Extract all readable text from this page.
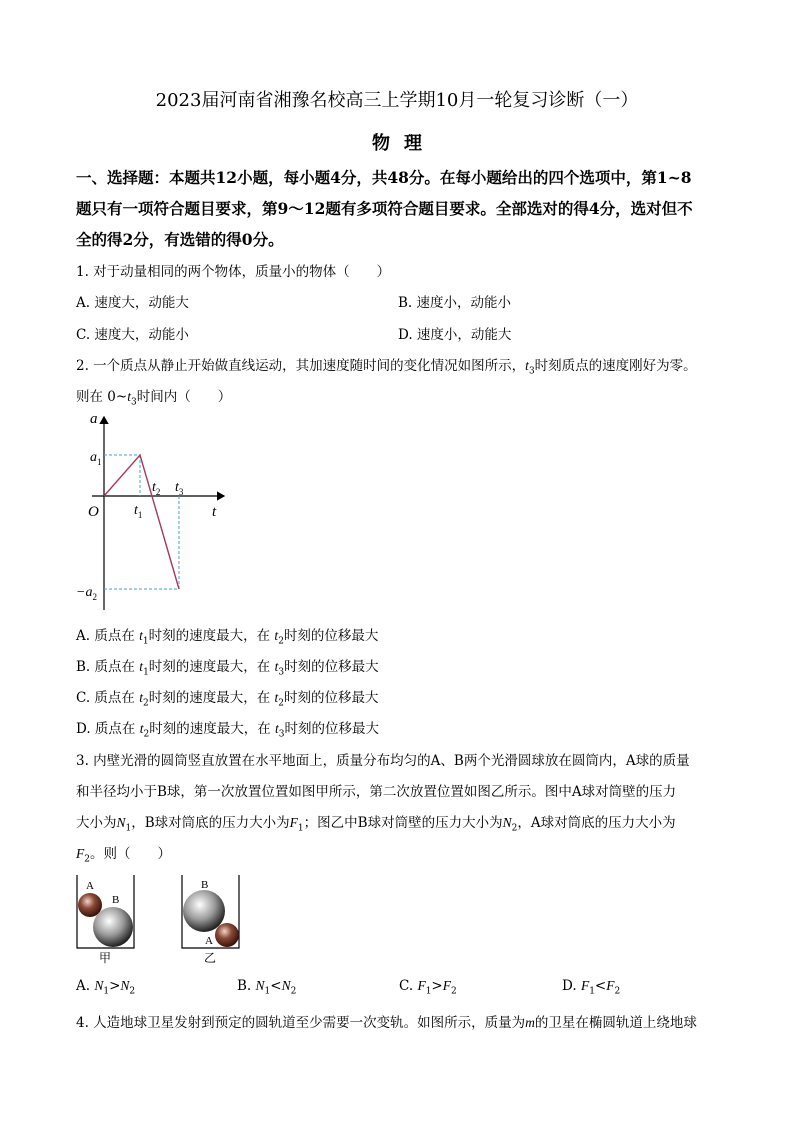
2023届河南省湘豫名校高三上学期10月一轮复习诊断（一）
物理
一、选择题：本题共12小题，每小题4分，共48分。在每小题给出的四个选项中，第1~8
题只有一项符合题目要求，第9～12题有多项符合题目要求。全部选对的得4分，选对但不
全的得2分，有选错的得0分。
1. 对于动量相同的两个物体，质量小的物体（　　）
A. 速度大，动能大	B. 速度小，动能小
C. 速度大，动能小	D. 速度小，动能大
2. 一个质点从静止开始做直线运动，其加速度随时间的变化情况如图所示，$t_3$时刻质点的速度刚好为零。
则在 $0\sim t_3$时间内（　　）
a
t
O
$a_1$
$-a_2$
$t_1$
$t_2$ $t_3$
A. 质点在 $t_1$时刻的速度最大，在 $t_2$时刻的位移最大
B. 质点在 $t_1$时刻的速度最大，在 $t_3$时刻的位移最大
C. 质点在 $t_2$时刻的速度最大，在 $t_2$时刻的位移最大
D. 质点在 $t_2$时刻的速度最大，在 $t_3$时刻的位移最大
3. 内壁光滑的圆筒竖直放置在水平地面上，质量分布均匀的A、B两个光滑圆球放在圆筒内，A球的质量
和半径均小于B球，第一次放置位置如图甲所示，第二次放置位置如图乙所示。图中A球对筒壁的压力
大小为$N_1$，B球对筒底的压力大小为$F_1$；图乙中B球对筒壁的压力大小为$N_2$，A球对筒底的压力大小为
$F_2$。则（　　）
A
B
甲
B
A
乙
A. $N_1>N_2$	B. $N_1<N_2$	C. $F_1>F_2$	D. $F_1<F_2$
4. 人造地球卫星发射到预定的圆轨道至少需要一次变轨。如图所示，质量为m的卫星在椭圆轨道上绕地球
